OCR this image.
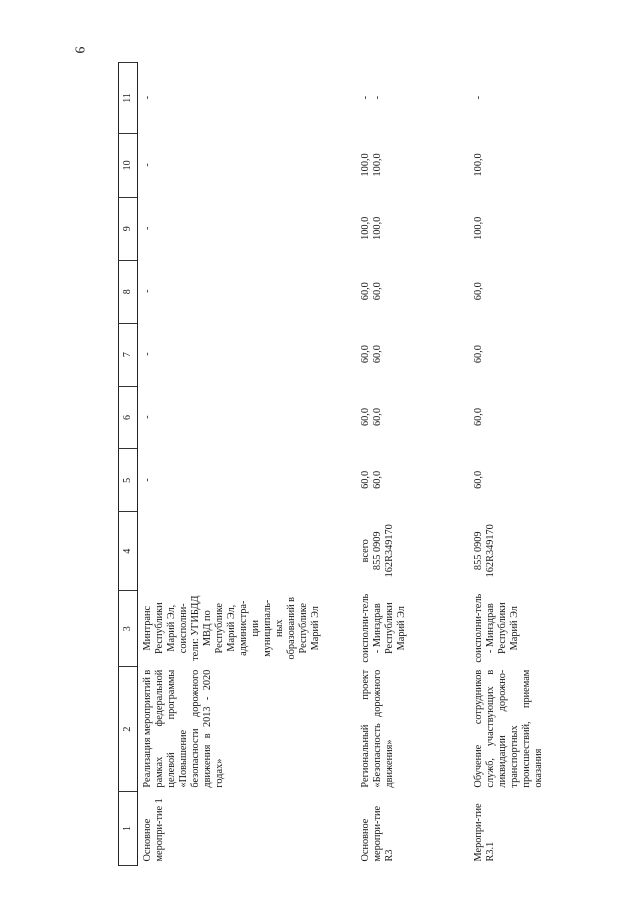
9
1	2	3	4	5	6	7	8	9	10	11
Основное меропри-тие 1	Реализация мероприятий в рамках федеральной целевой программы «Повышение безопасности дорожного движения в 2013 - 2020 годах»	Минтранс Республики Марий Эл, соисполни-тели: УГИБДД МВД по Республике Марий Эл, администра-ции муниципаль-ных образований в Республике Марий Эл		-	-	-	-	-	-	-

Основное меропри-тие R3	Региональный проект «Безопасность дорожного движения»	соисполни-тель - Минздрав Республики Марий Эл	всего 855 0909 162R349170	60,0 60,0	60,0 60,0	60,0 60,0	60,0 60,0	100,0 100,0	100,0 100,0	- -

Меропри-тие R3.1	Обучение сотрудников служб, участвующих в ликвидации дорожно-транспортных происшествий, приемам оказания	соисполни-тель - Минздрав Республики Марий Эл	855 0909 162R349170	60,0	60,0	60,0	60,0	100,0	100,0	-
